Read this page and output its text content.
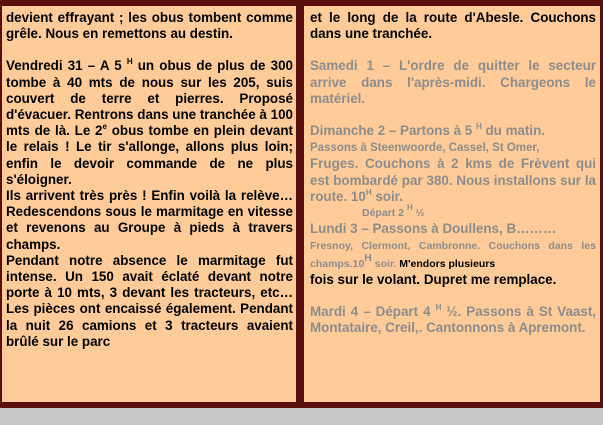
devient effrayant ; les obus tombent comme grêle. Nous en remettons au destin.

Vendredi 31 – A 5 $^H$ un obus de plus de 300 tombe à 40 mts de nous sur les 205, suis couvert de terre et pierres. Proposé d'évacuer. Rentrons dans une tranchée à 100 mts de là. Le 2e obus tombe en plein devant le relais ! Le tir s'allonge, allons plus loin; enfin le devoir commande de ne plus s'éloigner.

Ils arrivent très près ! Enfin voilà la relève… Redescendons sous le marmitage en vitesse et revenons au Groupe à pieds à travers champs.

Pendant notre absence le marmitage fut intense. Un 150 avait éclaté devant notre porte à 10 mts, 3 devant les tracteurs, etc… Les pièces ont encaissé également. Pendant la nuit 26 camions et 3 tracteurs avaient brûlé sur le parc

et le long de la route d'Abesle. Couchons dans une tranchée.

Samedi 1 – L'ordre de quitter le secteur arrive dans l'après-midi. Chargeons le matériel.

Dimanche 2 – Partons à 5 $^H$ du matin.
Passons à Steenwoorde, Cassel, St Omer,
Fruges. Couchons à 2 kms de Frèvent qui est bombardé par 380. Nous installons sur la route. $10^H$ soir.

Départ 2 $^H$ ½

Lundi 3 – Passons à Doullens, B………
Fresnoy, Clermont, Cambronne. Couchons dans les $champs.10^H$ soir. M'endors plusieurs
fois sur le volant. Dupret me remplace.

Mardi 4 – Départ 4 $^H$ ½. Passons à St Vaast, Montataire, Creil,. Cantonnons à Apremont.
